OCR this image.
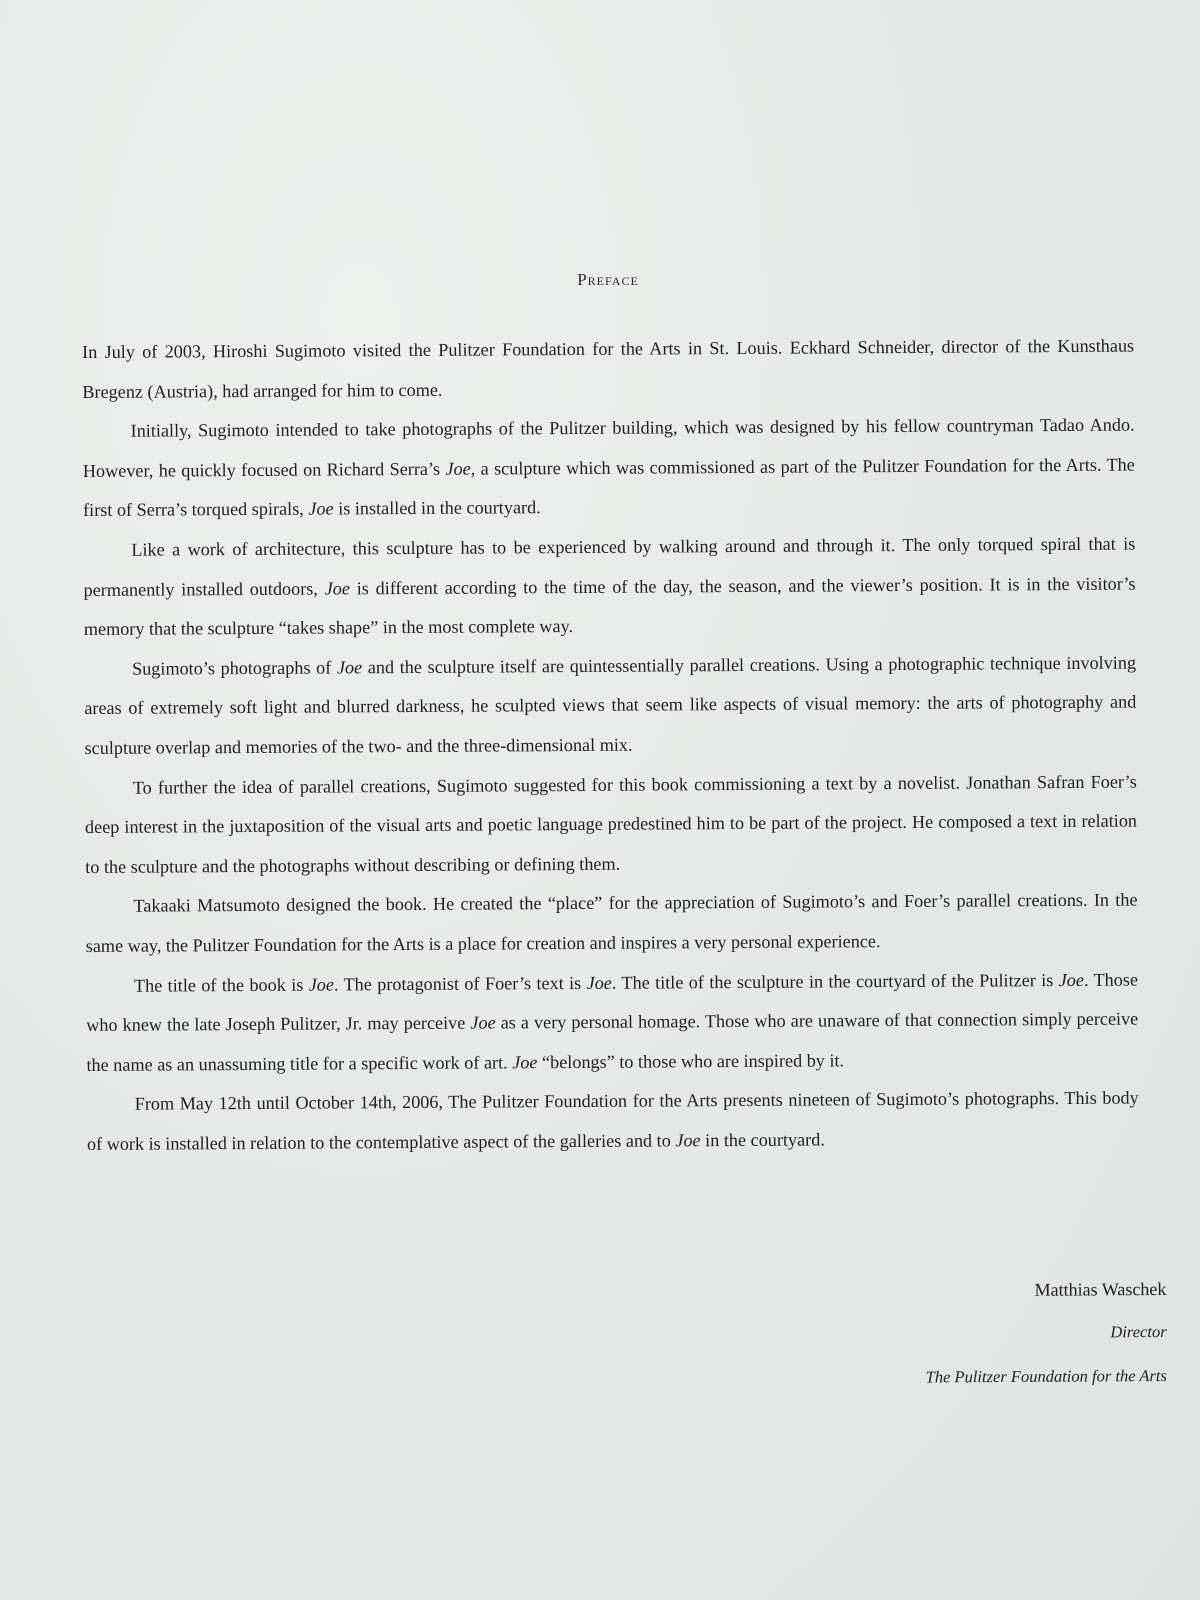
Preface

In July of 2003, Hiroshi Sugimoto visited the Pulitzer Foundation for the Arts in St. Louis. Eckhard Schneider, director of the Kunsthaus Bregenz (Austria), had arranged for him to come.

Initially, Sugimoto intended to take photographs of the Pulitzer building, which was designed by his fellow countryman Tadao Ando. However, he quickly focused on Richard Serra’s Joe, a sculpture which was commissioned as part of the Pulitzer Foundation for the Arts. The first of Serra’s torqued spirals, Joe is installed in the courtyard.

Like a work of architecture, this sculpture has to be experienced by walking around and through it. The only torqued spiral that is permanently installed outdoors, Joe is different according to the time of the day, the season, and the viewer’s position. It is in the visitor’s memory that the sculpture “takes shape” in the most complete way.

Sugimoto’s photographs of Joe and the sculpture itself are quintessentially parallel creations. Using a photographic technique involving areas of extremely soft light and blurred darkness, he sculpted views that seem like aspects of visual memory: the arts of photography and sculpture overlap and memories of the two- and the three-dimensional mix.

To further the idea of parallel creations, Sugimoto suggested for this book commissioning a text by a novelist. Jonathan Safran Foer’s deep interest in the juxtaposition of the visual arts and poetic language predestined him to be part of the project. He composed a text in relation to the sculpture and the photographs without describing or defining them.

Takaaki Matsumoto designed the book. He created the “place” for the appreciation of Sugimoto’s and Foer’s parallel creations. In the same way, the Pulitzer Foundation for the Arts is a place for creation and inspires a very personal experience.

The title of the book is Joe. The protagonist of Foer’s text is Joe. The title of the sculpture in the courtyard of the Pulitzer is Joe. Those who knew the late Joseph Pulitzer, Jr. may perceive Joe as a very personal homage. Those who are unaware of that connection simply perceive the name as an unassuming title for a specific work of art. Joe “belongs” to those who are inspired by it.

From May 12th until October 14th, 2006, The Pulitzer Foundation for the Arts presents nineteen of Sugimoto’s photographs. This body of work is installed in relation to the contemplative aspect of the galleries and to Joe in the courtyard.

Matthias Waschek
Director
The Pulitzer Foundation for the Arts
